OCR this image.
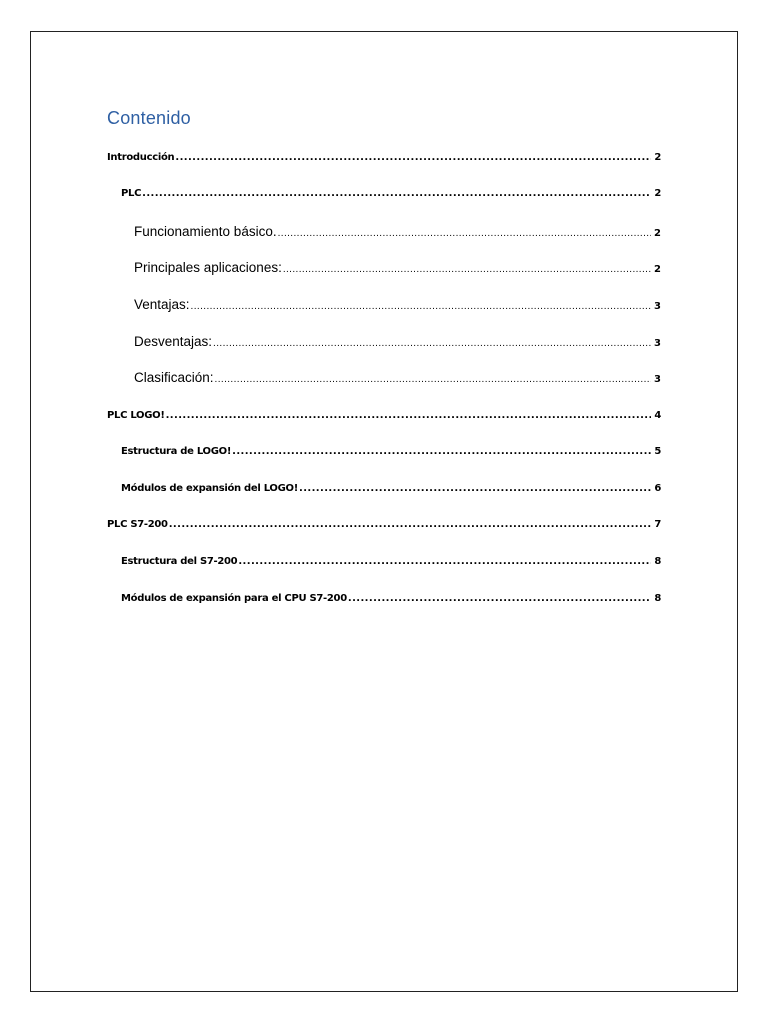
Contenido
Introducción .....	2
PLC .....	2
Funcionamiento básico. .....	2
Principales aplicaciones: .....	2
Ventajas: .....	3
Desventajas: .....	3
Clasificación: .....	3
PLC LOGO! .....	4
Estructura de LOGO! .....	5
Módulos de expansión del LOGO! .....	6
PLC S7-200 .....	7
Estructura del S7-200 .....	8
Módulos de expansión para el CPU S7-200 .....	8
